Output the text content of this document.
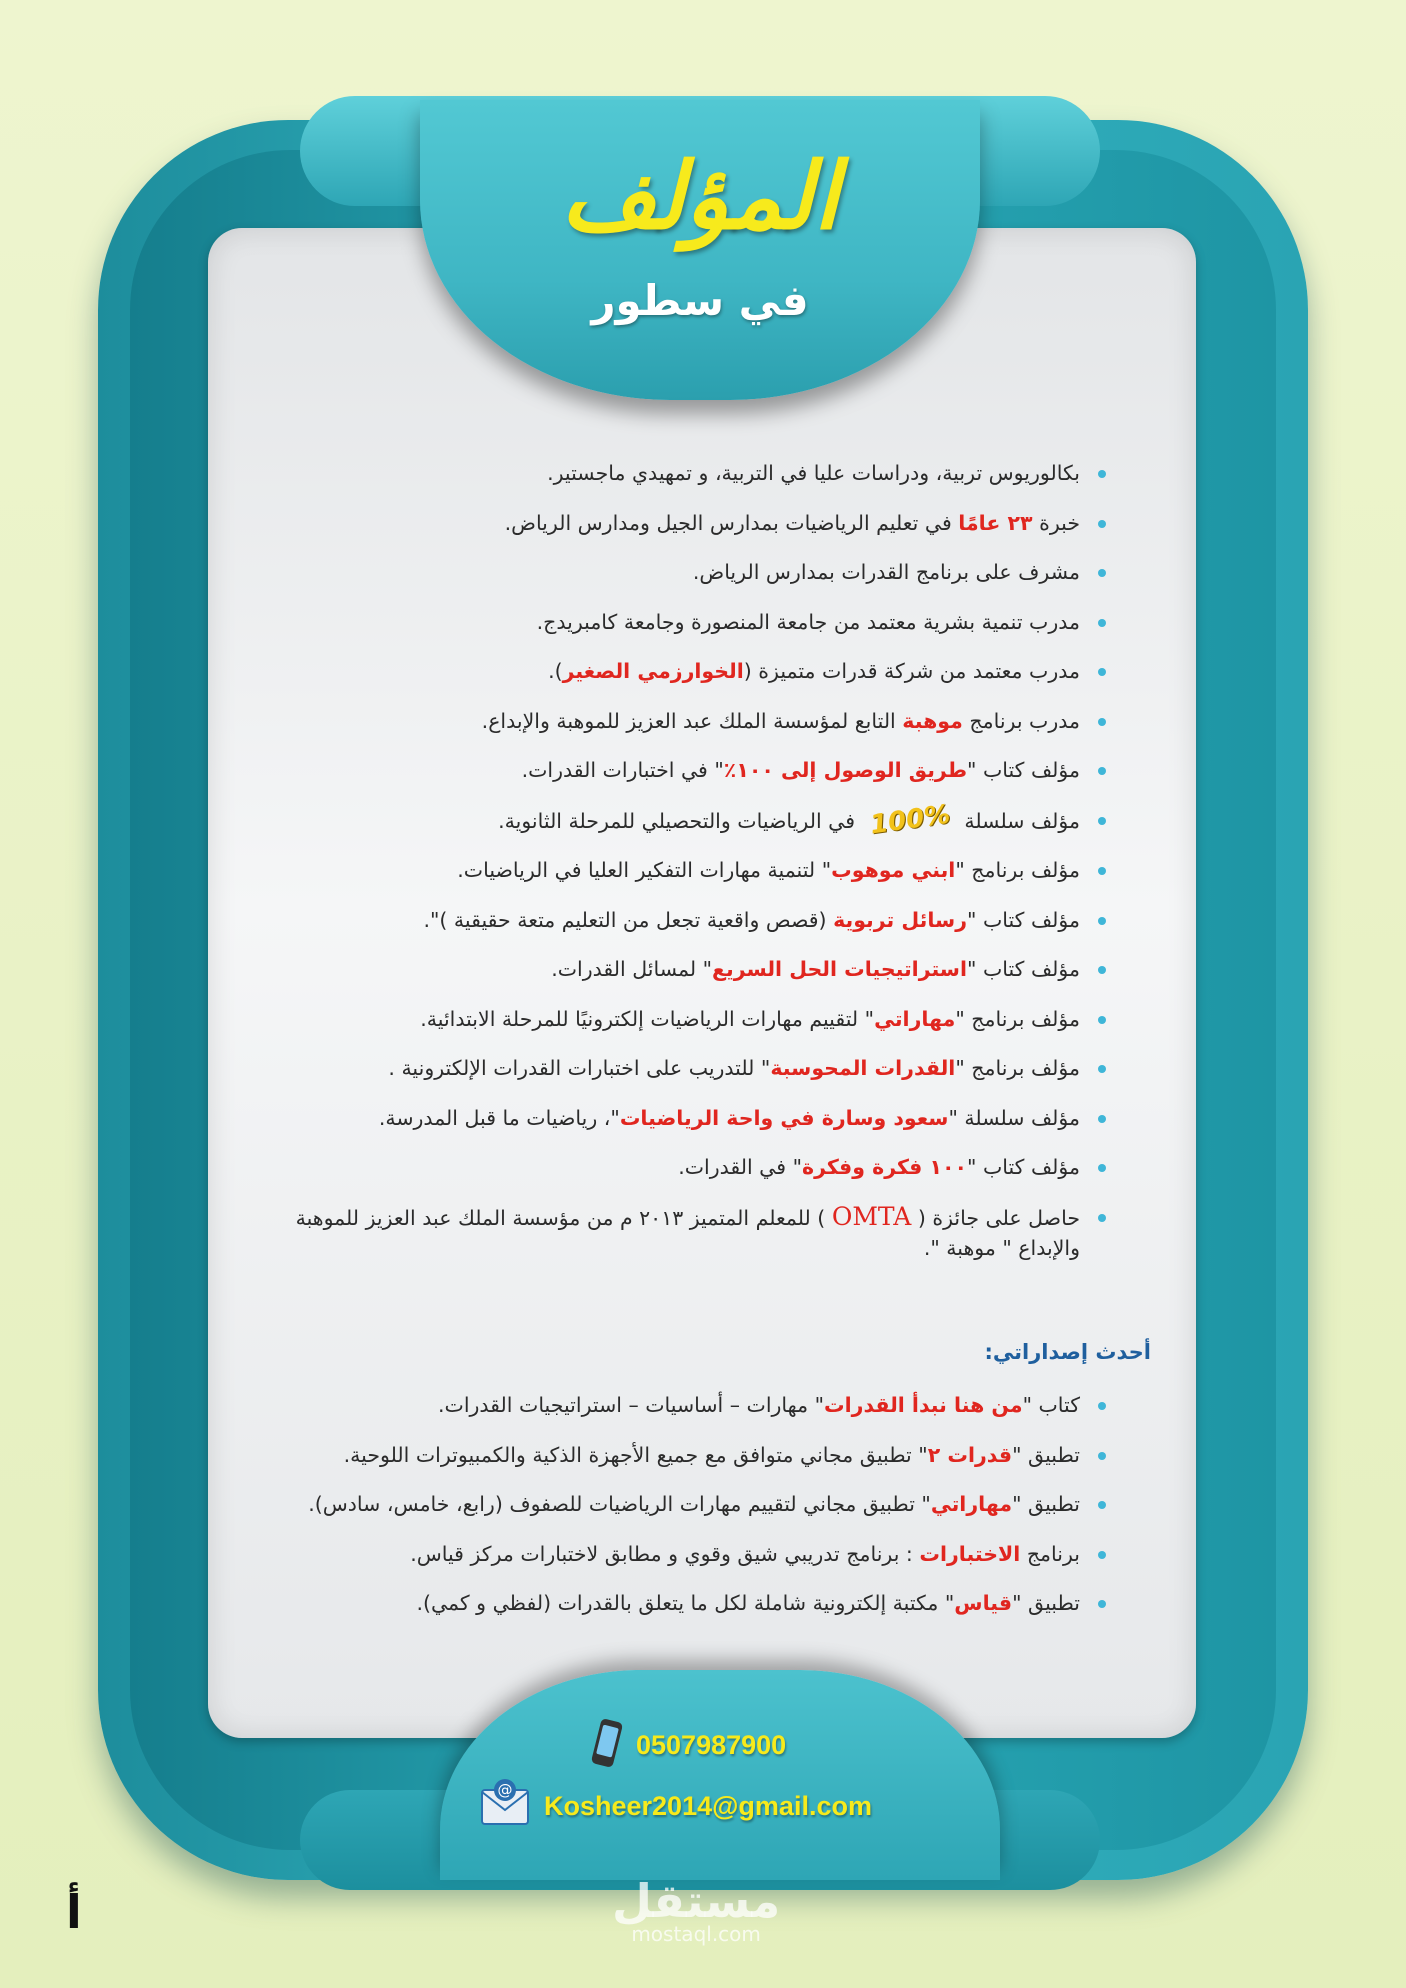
المؤلف
في سطور
بكالوريوس تربية، ودراسات عليا في التربية، و تمهيدي ماجستير.
خبرة ٢٣ عامًا في تعليم الرياضيات بمدارس الجيل ومدارس الرياض.
مشرف على برنامج القدرات بمدارس الرياض.
مدرب تنمية بشرية معتمد من جامعة المنصورة وجامعة كامبريدج.
مدرب معتمد من شركة قدرات متميزة (الخوارزمي الصغير).
مدرب برنامج موهبة التابع لمؤسسة الملك عبد العزيز للموهبة والإبداع.
مؤلف كتاب "طريق الوصول إلى ١٠٠٪" في اختبارات القدرات.
مؤلف سلسلة 100% في الرياضيات والتحصيلي للمرحلة الثانوية.
مؤلف برنامج "ابني موهوب" لتنمية مهارات التفكير العليا في الرياضيات.
مؤلف كتاب "رسائل تربوية (قصص واقعية تجعل من التعليم متعة حقيقية )".
مؤلف كتاب "استراتيجيات الحل السريع" لمسائل القدرات.
مؤلف برنامج "مهاراتي" لتقييم مهارات الرياضيات إلكترونيًا للمرحلة الابتدائية.
مؤلف برنامج "القدرات المحوسبة" للتدريب على اختبارات القدرات الإلكترونية .
مؤلف سلسلة "سعود وسارة في واحة الرياضيات"، رياضيات ما قبل المدرسة.
مؤلف كتاب "١٠٠ فكرة وفكرة" في القدرات.
حاصل على جائزة ( OMTA ) للمعلم المتميز ٢٠١٣ م من مؤسسة الملك عبد العزيز للموهبة والإبداع " موهبة ".
أحدث إصداراتي:
كتاب "من هنا نبدأ القدرات" مهارات – أساسيات – استراتيجيات القدرات.
تطبيق "قدرات ٢" تطبيق مجاني متوافق مع جميع الأجهزة الذكية والكمبيوترات اللوحية.
تطبيق "مهاراتي" تطبيق مجاني لتقييم مهارات الرياضيات للصفوف (رابع، خامس، سادس).
برنامج الاختبارات : برنامج تدريبي شيق وقوي و مطابق لاختبارات مركز قياس.
تطبيق "قياس" مكتبة إلكترونية شاملة لكل ما يتعلق بالقدرات (لفظي و كمي).
0507987900
@
Kosheer2014@gmail.com
مستقل
mostaql.com
أ
